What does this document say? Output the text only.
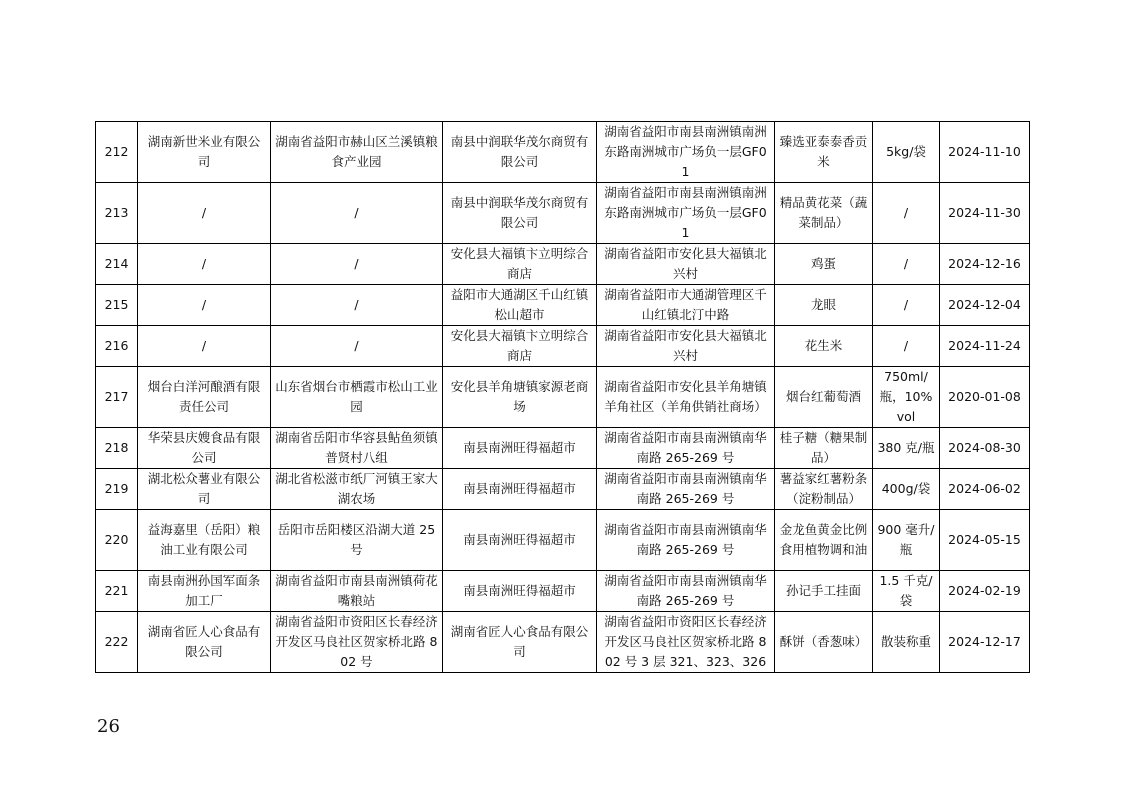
212	湖南新世米业有限公司	湖南省益阳市赫山区兰溪镇粮食产业园	南县中润联华茂尔商贸有限公司	湖南省益阳市南县南洲镇南洲东路南洲城市广场负一层GF01	臻选亚泰泰香贡米	5kg/袋	2024-11-10
213	/	/	南县中润联华茂尔商贸有限公司	湖南省益阳市南县南洲镇南洲东路南洲城市广场负一层GF01	精品黄花菜（蔬菜制品）	/	2024-11-30
214	/	/	安化县大福镇卞立明综合商店	湖南省益阳市安化县大福镇北兴村	鸡蛋	/	2024-12-16
215	/	/	益阳市大通湖区千山红镇松山超市	湖南省益阳市大通湖管理区千山红镇北汀中路	龙眼	/	2024-12-04
216	/	/	安化县大福镇卞立明综合商店	湖南省益阳市安化县大福镇北兴村	花生米	/	2024-11-24
217	烟台白洋河酿酒有限责任公司	山东省烟台市栖霞市松山工业园	安化县羊角塘镇家源老商场	湖南省益阳市安化县羊角塘镇羊角社区（羊角供销社商场）	烟台红葡萄酒	750ml/瓶，10%vol	2020-01-08
218	华荣县庆嫂食品有限公司	湖南省岳阳市华容县鲇鱼须镇普贤村八组	南县南洲旺得福超市	湖南省益阳市南县南洲镇南华南路 265-269 号	桂子糖（糖果制品）	380 克/瓶	2024-08-30
219	湖北松众薯业有限公司	湖北省松滋市纸厂河镇王家大湖农场	南县南洲旺得福超市	湖南省益阳市南县南洲镇南华南路 265-269 号	薯益家红薯粉条（淀粉制品）	400g/袋	2024-06-02
220	益海嘉里（岳阳）粮油工业有限公司	岳阳市岳阳楼区沿湖大道 25 号	南县南洲旺得福超市	湖南省益阳市南县南洲镇南华南路 265-269 号	金龙鱼黄金比例食用植物调和油	900 毫升/瓶	2024-05-15
221	南县南洲孙国军面条加工厂	湖南省益阳市南县南洲镇荷花嘴粮站	南县南洲旺得福超市	湖南省益阳市南县南洲镇南华南路 265-269 号	孙记手工挂面	1.5 千克/袋	2024-02-19
222	湖南省匠人心食品有限公司	湖南省益阳市资阳区长春经济开发区马良社区贺家桥北路 802 号	湖南省匠人心食品有限公司	湖南省益阳市资阳区长春经济开发区马良社区贺家桥北路 802 号 3 层 321、323、326	酥饼（香葱味）	散装称重	2024-12-17
26
